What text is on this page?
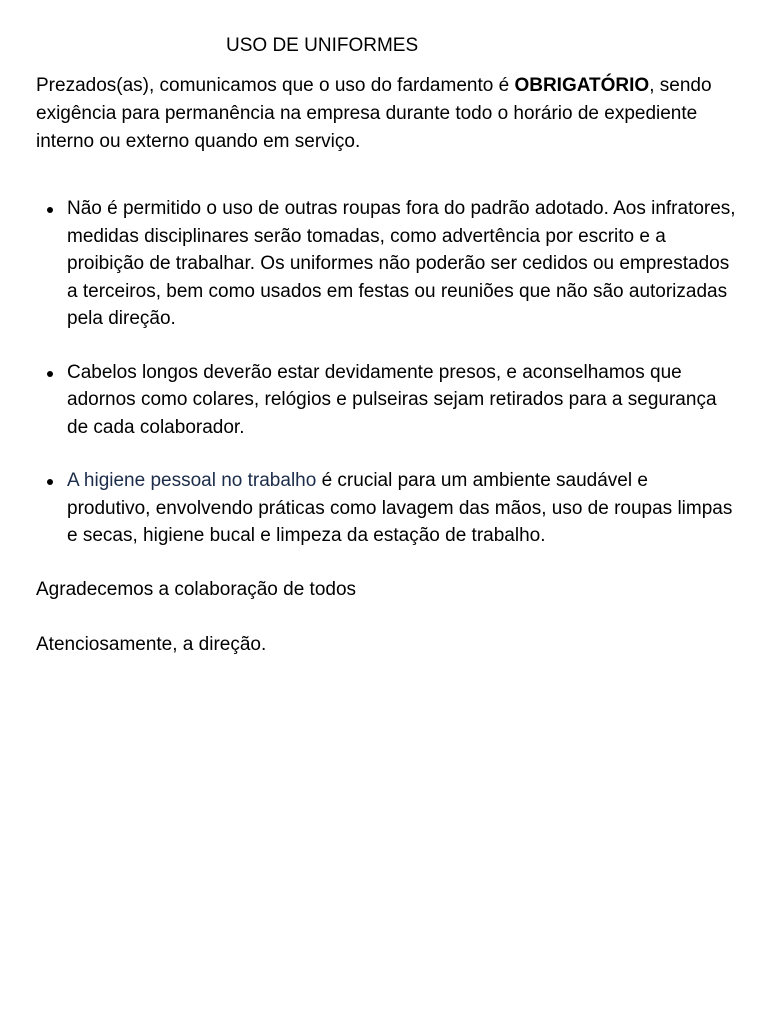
USO DE UNIFORMES

Prezados(as), comunicamos que o uso do fardamento é OBRIGATÓRIO, sendo exigência para permanência na empresa durante todo o horário de expediente interno ou externo quando em serviço.

Não é permitido o uso de outras roupas fora do padrão adotado. Aos infratores, medidas disciplinares serão tomadas, como advertência por escrito e a proibição de trabalhar. Os uniformes não poderão ser cedidos ou emprestados a terceiros, bem como usados em festas ou reuniões que não são autorizadas pela direção.
Cabelos longos deverão estar devidamente presos, e aconselhamos que adornos como colares, relógios e pulseiras sejam retirados para a segurança de cada colaborador.
A higiene pessoal no trabalho é crucial para um ambiente saudável e produtivo, envolvendo práticas como lavagem das mãos, uso de roupas limpas e secas, higiene bucal e limpeza da estação de trabalho.

Agradecemos a colaboração de todos

Atenciosamente, a direção.
